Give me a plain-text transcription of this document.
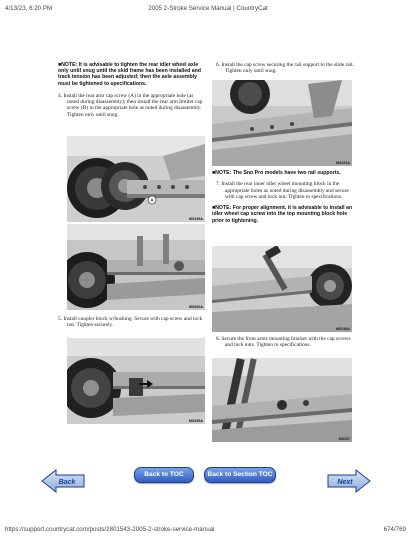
4/13/23, 6:20 PM	2005 2-Stroke Service Manual | CountryCat
■NOTE: It is advisable to tighten the rear idler wheel axle only until snug until the skid frame has been installed and track tension has been adjusted; then the axle assembly must be tightened to specifications.
4. Install the rear arm cap screw (A) in the appropriate hole (as noted during disassembly); then install the rear arm limiter cap screw (B) in the appropriate hole as noted during disassembly. Tighten only until snug.
A
MS199A
MS200A
5. Install coupler block w/bushing. Secure with cap screw and lock nut. Tighten securely.
MS195A
6. Install the cap screw securing the rail support to the slide rail. Tighten only until snug.
MS191A
■NOTE: The Sno Pro models have two rail supports.
7. Install the rear inner idler wheel mounting block in the appropriate holes as noted during disassembly and secure with cap screw and lock nut. Tighten to specifications.
■NOTE: For proper alignment, it is advisable to install an idler wheel cap screw into the top mounting block hole prior to tightening.
MS196A
8. Secure the front arms mounting bracket with the cap screws and lock nuts. Tighten to specifications.
MS197
Back
Back to TOC	Back to Section TOC
Next
https://support.countrycat.com/posts/2801543-2005-2-stroke-service-manual	674/769
